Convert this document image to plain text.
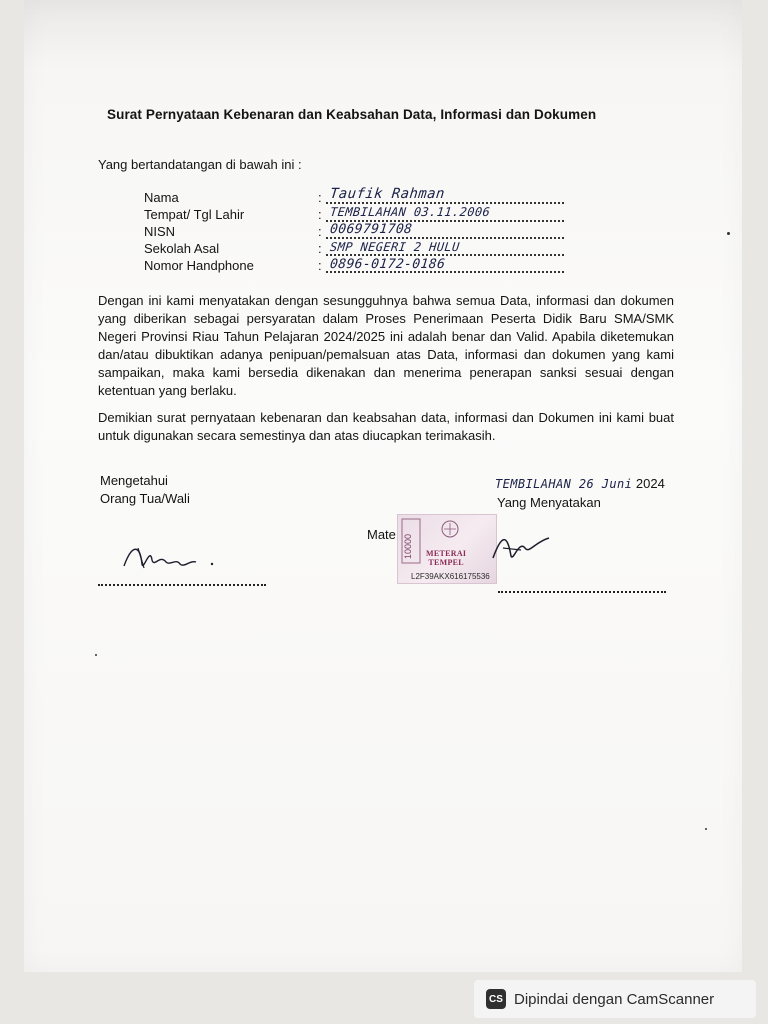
Surat Pernyataan Kebenaran dan Keabsahan Data, Informasi dan Dokumen
Yang bertandatangan di bawah ini :
Nama	: Taufik Rahman
Tempat/ Tgl Lahir	: TEMBILAHAN 03.11.2006
NISN	: 0069791708
Sekolah Asal	: SMP NEGERI 2 HULU
Nomor Handphone	: 0896-0172-0186
Dengan ini kami menyatakan dengan sesungguhnya bahwa semua Data, informasi dan dokumen yang diberikan sebagai persyaratan dalam Proses Penerimaan Peserta Didik Baru SMA/SMK Negeri Provinsi Riau Tahun Pelajaran 2024/2025 ini adalah benar dan Valid. Apabila diketemukan dan/atau dibuktikan adanya penipuan/pemalsuan atas Data, informasi dan dokumen yang kami sampaikan, maka kami bersedia dikenakan dan menerima penerapan sanksi sesuai dengan ketentuan yang berlaku.
Demikian surat pernyataan kebenaran dan keabsahan data, informasi dan Dokumen ini kami buat untuk digunakan secara semestinya dan atas diucapkan terimakasih.
Mengetahui
Orang Tua/Wali
TEMBILAHAN 26 Juni 2024
Yang Menyatakan
Mate 10000 METERAI
TEMPEL
L2F39AKX616175536
CS Dipindai dengan CamScanner
